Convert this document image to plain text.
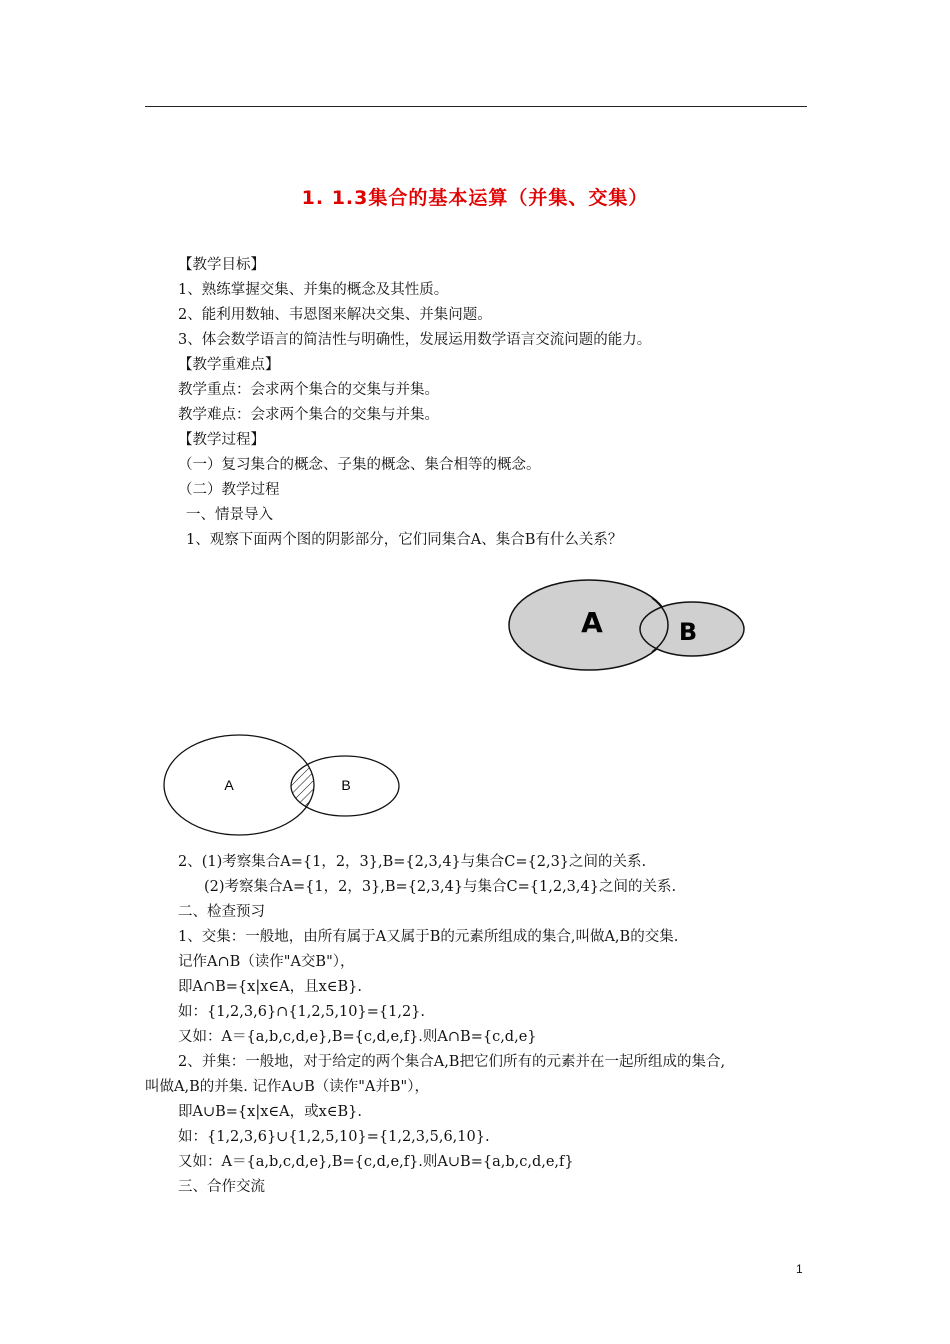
1. 1.3集合的基本运算（并集、交集）
【教学目标】
1、熟练掌握交集、并集的概念及其性质。
2、能利用数轴、韦恩图来解决交集、并集问题。
3、体会数学语言的简洁性与明确性，发展运用数学语言交流问题的能力。
【教学重难点】
教学重点：会求两个集合的交集与并集。
教学难点：会求两个集合的交集与并集。
【教学过程】
（一）复习集合的概念、子集的概念、集合相等的概念。
（二）教学过程
一、情景导入
1、观察下面两个图的阴影部分，它们同集合A、集合B有什么关系？
A	B
A	B
2、(1)考察集合A={1，2，3},B={2,3,4}与集合C={2,3}之间的关系.
(2)考察集合A={1，2，3},B={2,3,4}与集合C={1,2,3,4}之间的关系.
二、检查预习
1、交集：一般地，由所有属于A又属于B的元素所组成的集合,叫做A,B的交集.
记作A∩B（读作"A交B"），
即A∩B={x|x∈A，且x∈B}.
如：{1,2,3,6}∩{1,2,5,10}={1,2}.
又如：A＝{a,b,c,d,e},B={c,d,e,f}.则A∩B={c,d,e}
2、并集：一般地，对于给定的两个集合A,B把它们所有的元素并在一起所组成的集合,
叫做A,B的并集. 记作A∪B（读作"A并B"），
即A∪B={x|x∈A，或x∈B}.
如：{1,2,3,6}∪{1,2,5,10}={1,2,3,5,6,10}.
又如：A＝{a,b,c,d,e},B={c,d,e,f}.则A∪B={a,b,c,d,e,f}
三、合作交流
1
